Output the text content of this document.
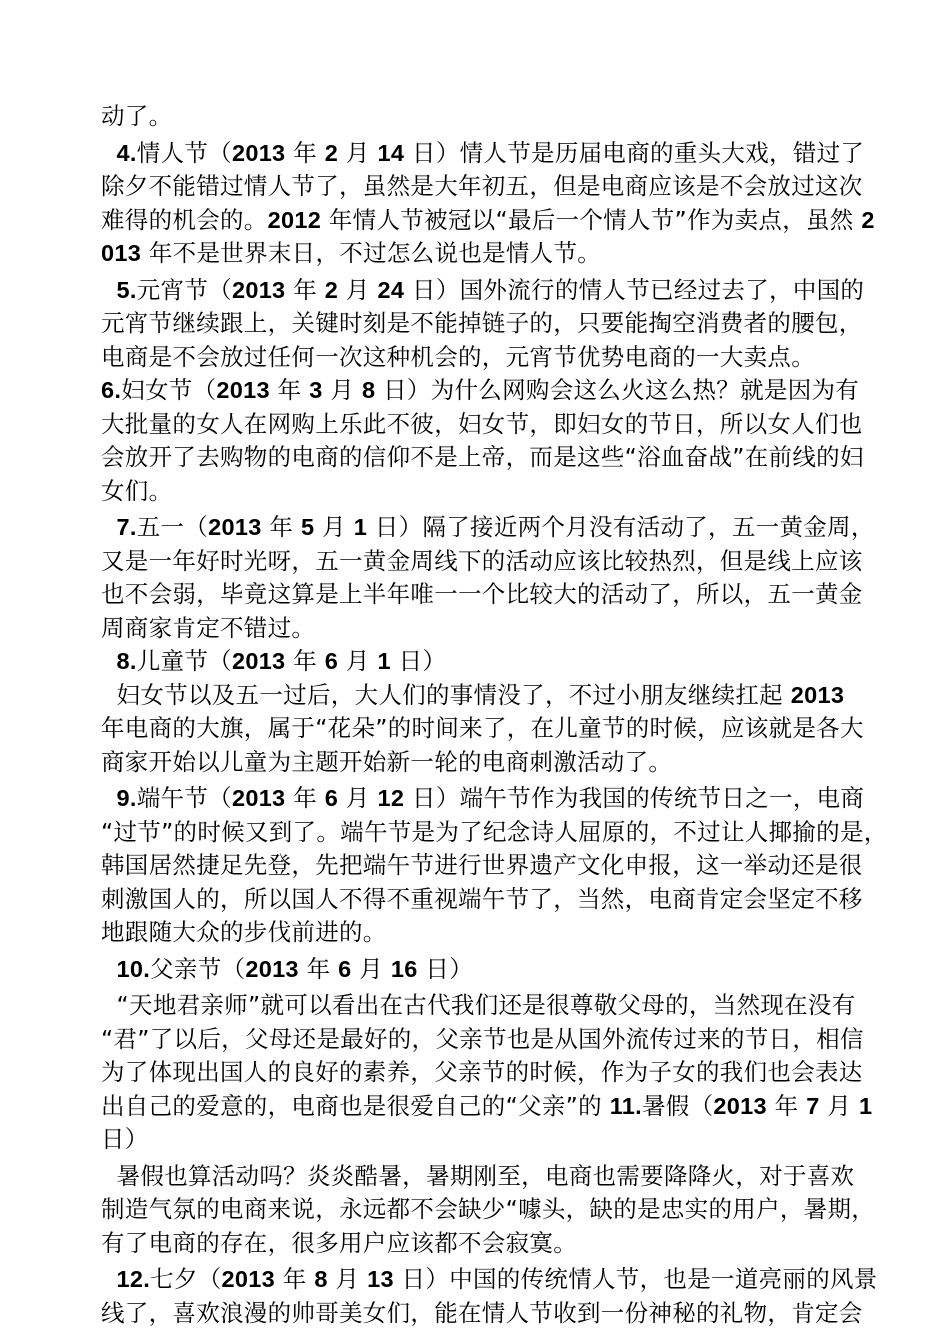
动了。
4.情人节（2013 年 2 月 14 日）情人节是历届电商的重头大戏，错过了
除夕不能错过情人节了，虽然是大年初五，但是电商应该是不会放过这次
难得的机会的。2012 年情人节被冠以“最后一个情人节”作为卖点，虽然 2
013 年不是世界末日，不过怎么说也是情人节。
5.元宵节（2013 年 2 月 24 日）国外流行的情人节已经过去了，中国的
元宵节继续跟上，关键时刻是不能掉链子的，只要能掏空消费者的腰包，
电商是不会放过任何一次这种机会的，元宵节优势电商的一大卖点。
6.妇女节（2013 年 3 月 8 日）为什么网购会这么火这么热？就是因为有
大批量的女人在网购上乐此不彼，妇女节，即妇女的节日，所以女人们也
会放开了去购物的电商的信仰不是上帝，而是这些“浴血奋战”在前线的妇
女们。
7.五一（2013 年 5 月 1 日）隔了接近两个月没有活动了，五一黄金周，
又是一年好时光呀，五一黄金周线下的活动应该比较热烈，但是线上应该
也不会弱，毕竟这算是上半年唯一一个比较大的活动了，所以，五一黄金
周商家肯定不错过。
8.儿童节（2013 年 6 月 1 日）
妇女节以及五一过后，大人们的事情没了，不过小朋友继续扛起 2013
年电商的大旗，属于“花朵”的时间来了，在儿童节的时候，应该就是各大
商家开始以儿童为主题开始新一轮的电商刺激活动了。
9.端午节（2013 年 6 月 12 日）端午节作为我国的传统节日之一，电商
“过节”的时候又到了。端午节是为了纪念诗人屈原的，不过让人揶揄的是，
韩国居然捷足先登，先把端午节进行世界遗产文化申报，这一举动还是很
刺激国人的，所以国人不得不重视端午节了，当然，电商肯定会坚定不移
地跟随大众的步伐前进的。
10.父亲节（2013 年 6 月 16 日）
“天地君亲师”就可以看出在古代我们还是很尊敬父母的，当然现在没有
“君”了以后，父母还是最好的，父亲节也是从国外流传过来的节日，相信
为了体现出国人的良好的素养，父亲节的时候，作为子女的我们也会表达
出自己的爱意的，电商也是很爱自己的“父亲”的 11.暑假（2013 年 7 月 1
日）
暑假也算活动吗？炎炎酷暑，暑期刚至，电商也需要降降火，对于喜欢
制造气氛的电商来说，永远都不会缺少“噱头，缺的是忠实的用户，暑期，
有了电商的存在，很多用户应该都不会寂寞。
12.七夕（2013 年 8 月 13 日）中国的传统情人节，也是一道亮丽的风景
线了，喜欢浪漫的帅哥美女们，能在情人节收到一份神秘的礼物，肯定会
